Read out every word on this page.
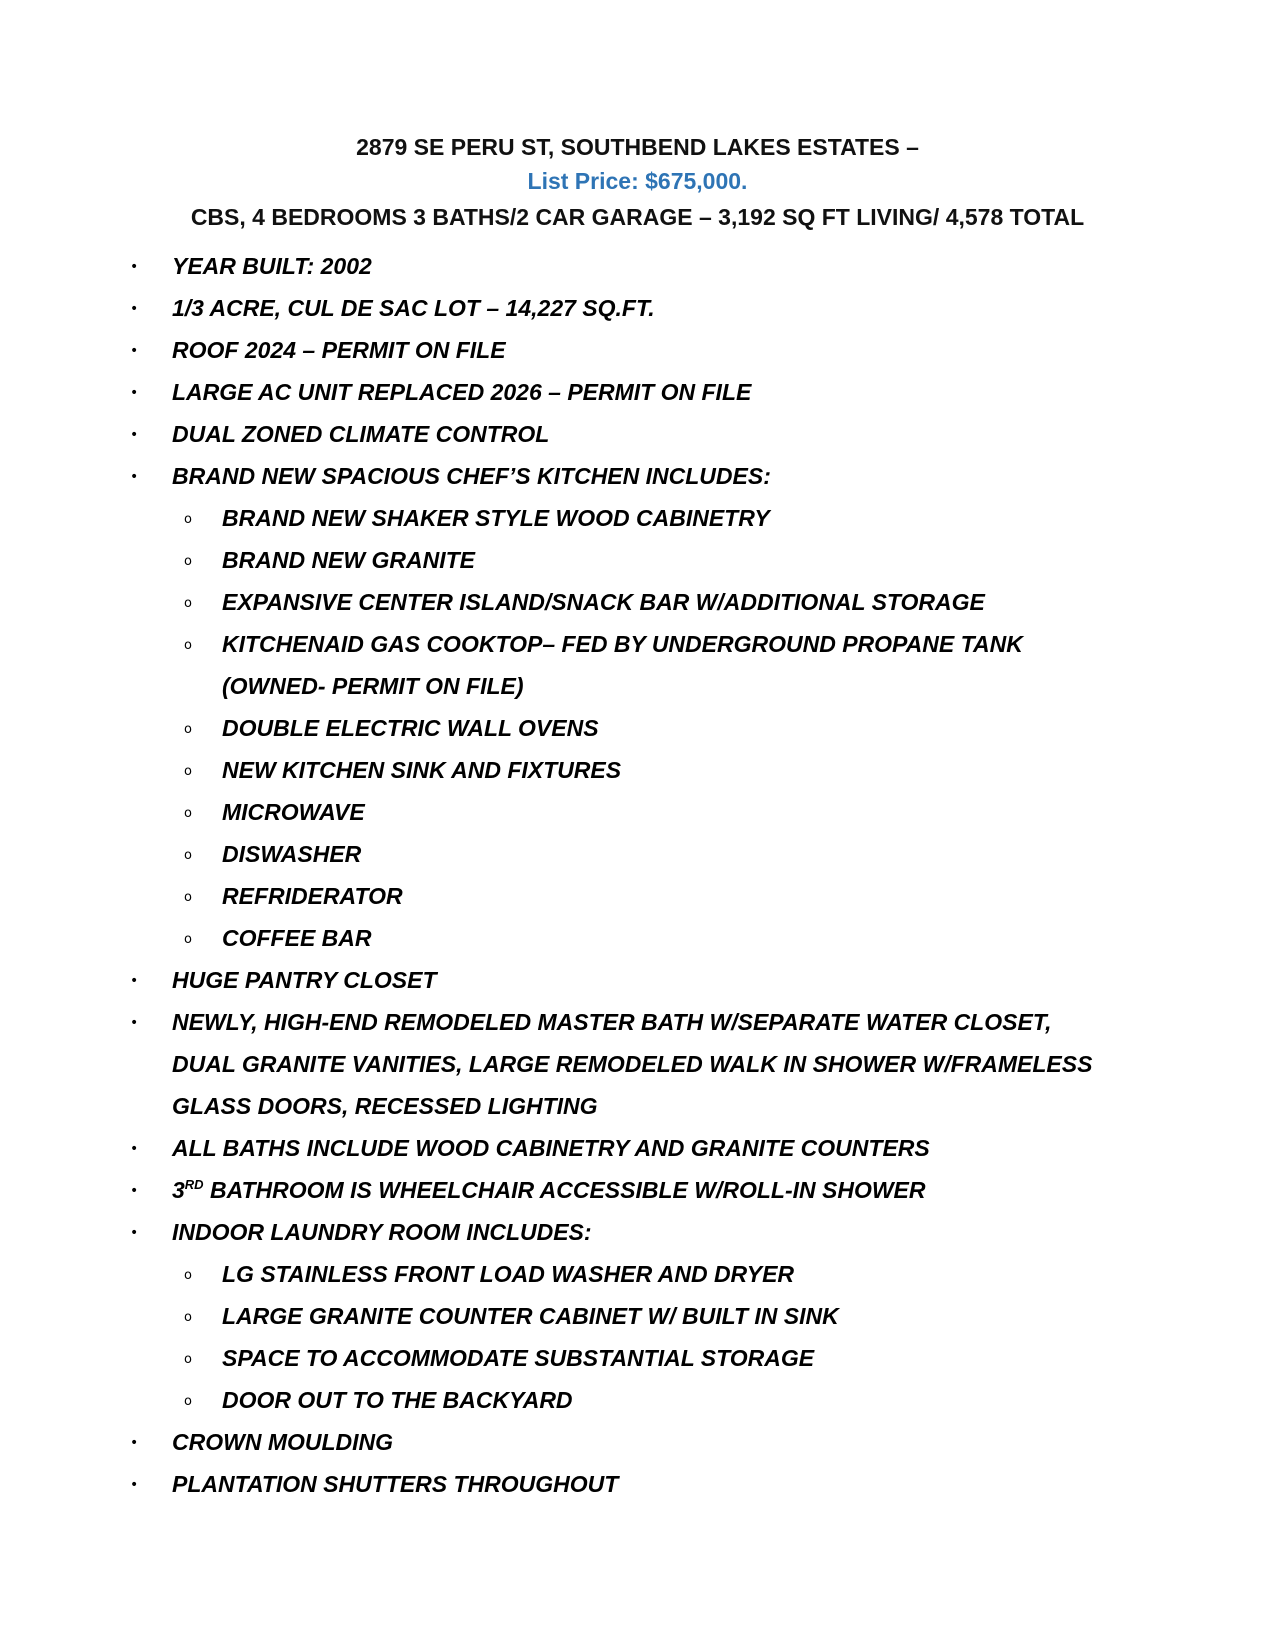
2879 SE PERU ST, SOUTHBEND LAKES ESTATES –
List Price: $675,000.
CBS, 4 BEDROOMS 3 BATHS/2 CAR GARAGE – 3,192 SQ FT LIVING/ 4,578 TOTAL
• YEAR BUILT: 2002
• 1/3 ACRE, CUL DE SAC LOT – 14,227 SQ.FT.
• ROOF 2024 – PERMIT ON FILE
• LARGE AC UNIT REPLACED 2026 – PERMIT ON FILE
• DUAL ZONED CLIMATE CONTROL
• BRAND NEW SPACIOUS CHEF’S KITCHEN INCLUDES:
o BRAND NEW SHAKER STYLE WOOD CABINETRY
o BRAND NEW GRANITE
o EXPANSIVE CENTER ISLAND/SNACK BAR W/ADDITIONAL STORAGE
o KITCHENAID GAS COOKTOP– FED BY UNDERGROUND PROPANE TANK
(OWNED- PERMIT ON FILE)
o DOUBLE ELECTRIC WALL OVENS
o NEW KITCHEN SINK AND FIXTURES
o MICROWAVE
o DISWASHER
o REFRIDERATOR
o COFFEE BAR
• HUGE PANTRY CLOSET
• NEWLY, HIGH-END REMODELED MASTER BATH W/SEPARATE WATER CLOSET,
DUAL GRANITE VANITIES, LARGE REMODELED WALK IN SHOWER W/FRAMELESS
GLASS DOORS, RECESSED LIGHTING
• ALL BATHS INCLUDE WOOD CABINETRY AND GRANITE COUNTERS
• 3RD BATHROOM IS WHEELCHAIR ACCESSIBLE W/ROLL-IN SHOWER
• INDOOR LAUNDRY ROOM INCLUDES:
o LG STAINLESS FRONT LOAD WASHER AND DRYER
o LARGE GRANITE COUNTER CABINET W/ BUILT IN SINK
o SPACE TO ACCOMMODATE SUBSTANTIAL STORAGE
o DOOR OUT TO THE BACKYARD
• CROWN MOULDING
• PLANTATION SHUTTERS THROUGHOUT
